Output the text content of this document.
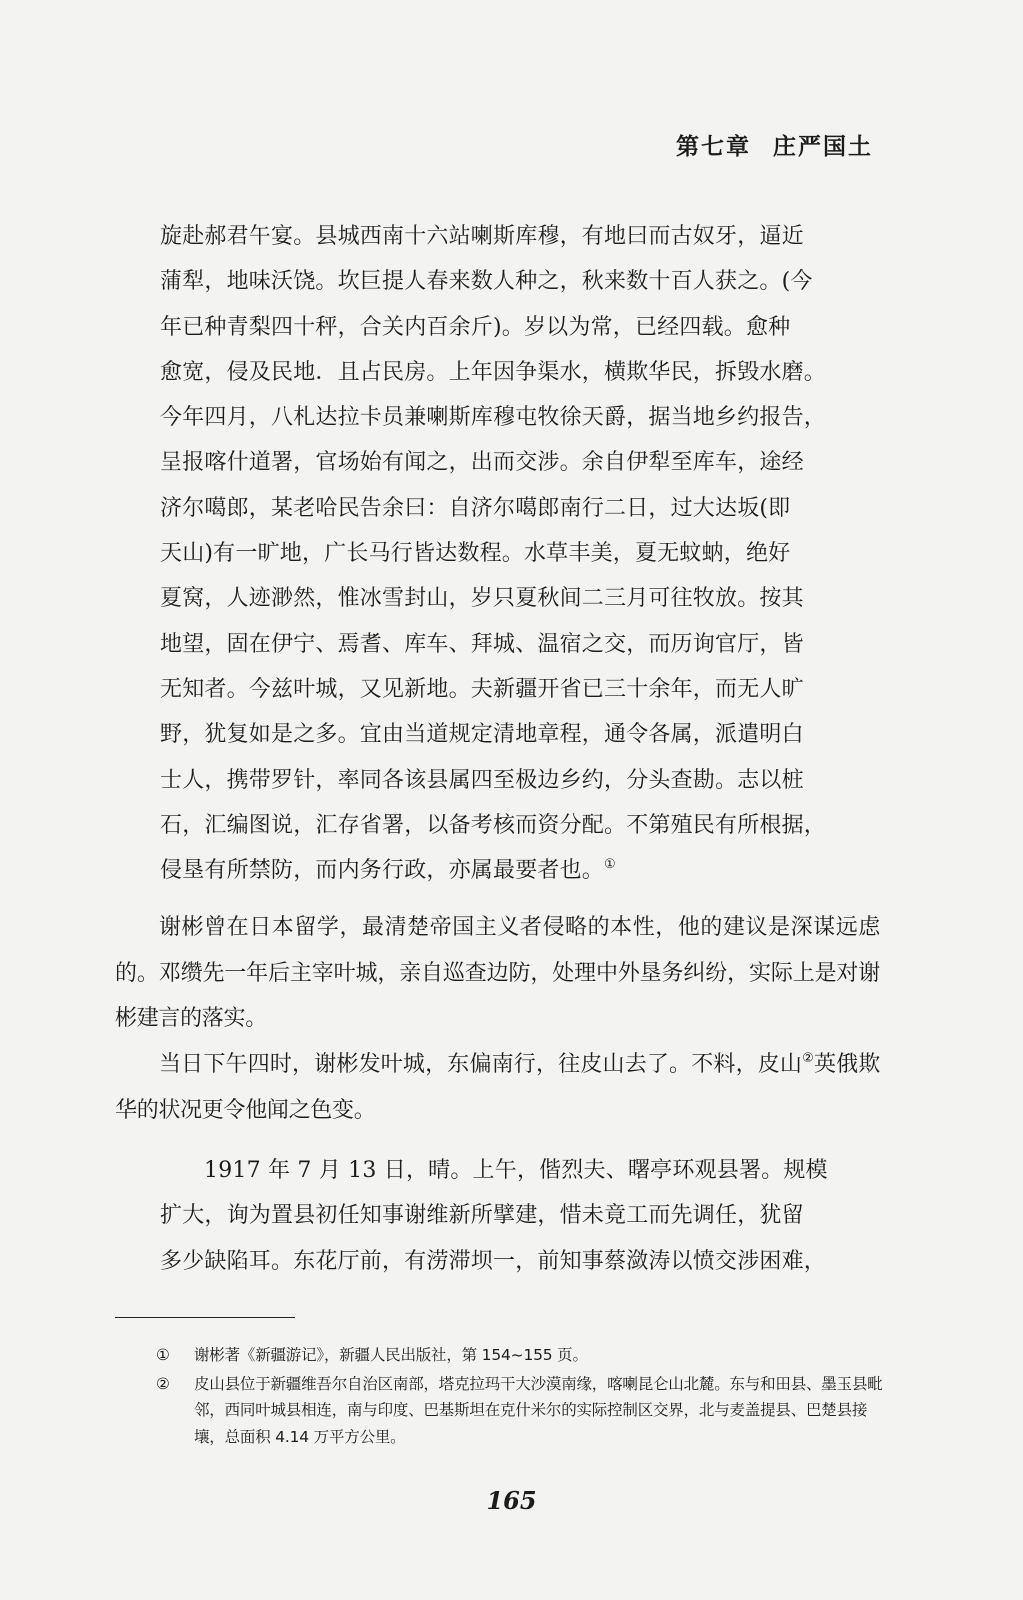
第七章 庄严国土
旋赴郝君午宴。县城西南十六站喇斯库穆，有地曰而古奴牙，逼近
蒲犁，地味沃饶。坎巨提人春来数人种之，秋来数十百人获之。(今
年已种青梨四十秤，合关内百余斤)。岁以为常，已经四载。愈种
愈宽，侵及民地．且占民房。上年因争渠水，横欺华民，拆毁水磨。
今年四月，八札达拉卡员兼喇斯库穆屯牧徐天爵，据当地乡约报告，
呈报喀什道署，官场始有闻之，出而交涉。余自伊犁至库车，途经
济尔噶郎，某老哈民告余曰：自济尔噶郎南行二日，过大达坂(即
天山)有一旷地，广长马行皆达数程。水草丰美，夏无蚊蚋，绝好
夏窝，人迹渺然，惟冰雪封山，岁只夏秋间二三月可往牧放。按其
地望，固在伊宁、焉耆、库车、拜城、温宿之交，而历询官厅，皆
无知者。今兹叶城，又见新地。夫新疆开省已三十余年，而无人旷
野，犹复如是之多。宜由当道规定清地章程，通令各属，派遣明白
士人，携带罗针，率同各该县属四至极边乡约，分头查勘。志以桩
石，汇编图说，汇存省署，以备考核而资分配。不第殖民有所根据，
侵垦有所禁防，而内务行政，亦属最要者也。①
谢彬曾在日本留学，最清楚帝国主义者侵略的本性，他的建议是深谋远虑的。邓缵先一年后主宰叶城，亲自巡查边防，处理中外垦务纠纷，实际上是对谢彬建言的落实。
当日下午四时，谢彬发叶城，东偏南行，往皮山去了。不料，皮山②英俄欺华的状况更令他闻之色变。
1917 年 7 月 13 日，晴。上午，偕烈夫、曙亭环观县署。规模
扩大，询为置县初任知事谢维新所擘建，惜未竟工而先调任，犹留
多少缺陷耳。东花厅前，有涝滞坝一，前知事蔡潋涛以愤交涉困难，
① 谢彬著《新疆游记》，新疆人民出版社，第 154~155 页。
② 皮山县位于新疆维吾尔自治区南部，塔克拉玛干大沙漠南缘，喀喇昆仑山北麓。东与和田县、墨玉县毗邻，西同叶城县相连，南与印度、巴基斯坦在克什米尔的实际控制区交界，北与麦盖提县、巴楚县接壤，总面积 4.14 万平方公里。
165
